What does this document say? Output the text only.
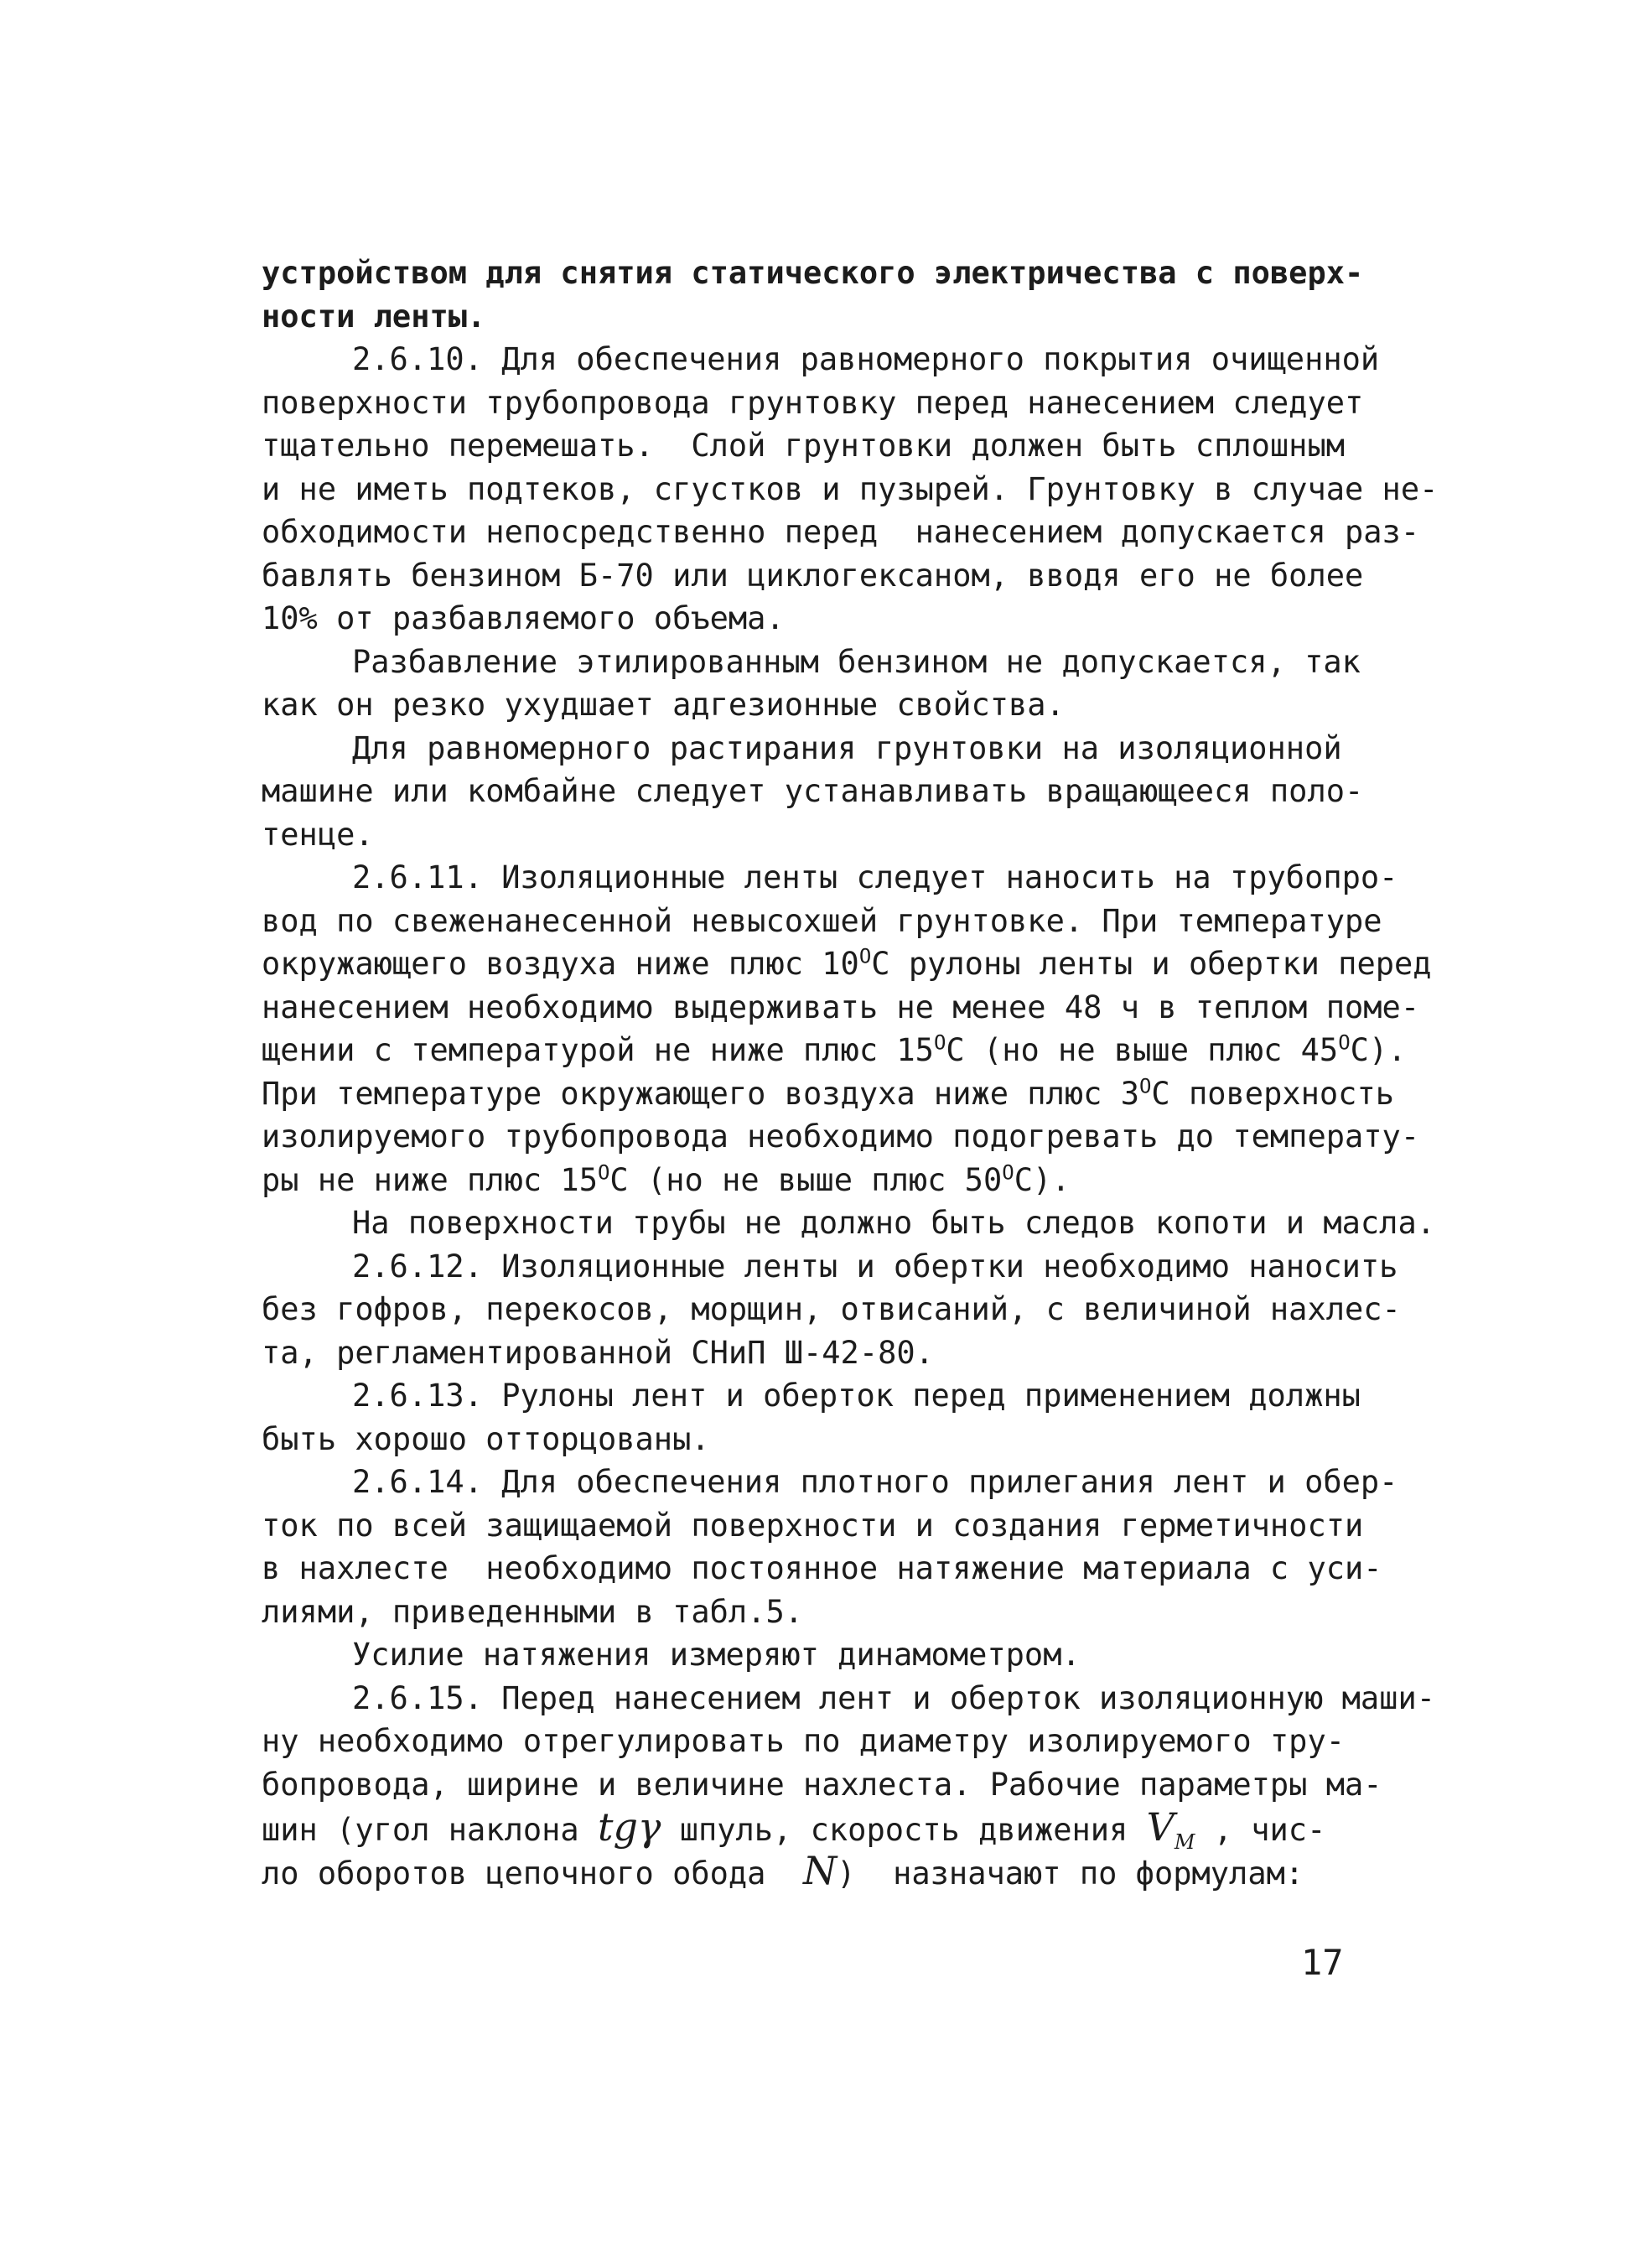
устройством для снятия статического электричества с поверх-
ности ленты.
2.6.10. Для обеспечения равномерного покрытия очищенной
поверхности трубопровода грунтовку перед нанесением следует
тщательно перемешать.  Слой грунтовки должен быть сплошным
и не иметь подтеков, сгустков и пузырей. Грунтовку в случае не-
обходимости непосредственно перед  нанесением допускается раз-
бавлять бензином Б-70 или циклогексаном, вводя его не более
10% от разбавляемого объема.
Разбавление этилированным бензином не допускается, так
как он резко ухудшает адгезионные свойства.
Для равномерного растирания грунтовки на изоляционной
машине или комбайне следует устанавливать вращающееся поло-
тенце.
2.6.11. Изоляционные ленты следует наносить на трубопро-
вод по свеженанесенной невысохшей грунтовке. При температуре
окружающего воздуха ниже плюс $10^ОС$ рулоны ленты и обертки перед
нанесением необходимо выдерживать не менее 48 ч в теплом поме-
щении с температурой не ниже плюс $15^ОС$ (но не выше плюс $45^ОС$).
При температуре окружающего воздуха ниже плюс $3^ОС$ поверхность
изолируемого трубопровода необходимо подогревать до температу-
ры не ниже плюс $15^ОС$ (но не выше плюс $50^ОС$).
На поверхности трубы не должно быть следов копоти и масла.
2.6.12. Изоляционные ленты и обертки необходимо наносить
без гофров, перекосов, морщин, отвисаний, с величиной нахлес-
та, регламентированной СНиП Ш-42-80.
2.6.13. Рулоны лент и оберток перед применением должны
быть хорошо отторцованы.
2.6.14. Для обеспечения плотного прилегания лент и обер-
ток по всей защищаемой поверхности и создания герметичности
в нахлесте  необходимо постоянное натяжение материала с уси-
лиями, приведенными в табл.5.
Усилие натяжения измеряют динамометром.
2.6.15. Перед нанесением лент и оберток изоляционную маши-
ну необходимо отрегулировать по диаметру изолируемого тру-
бопровода, ширине и величине нахлеста. Рабочие параметры ма-
шин (угол наклона tgγ шпуль, скорость движения $V_M$ , чис-
ло оборотов цепочного обода N)  назначают по формулам:
17
